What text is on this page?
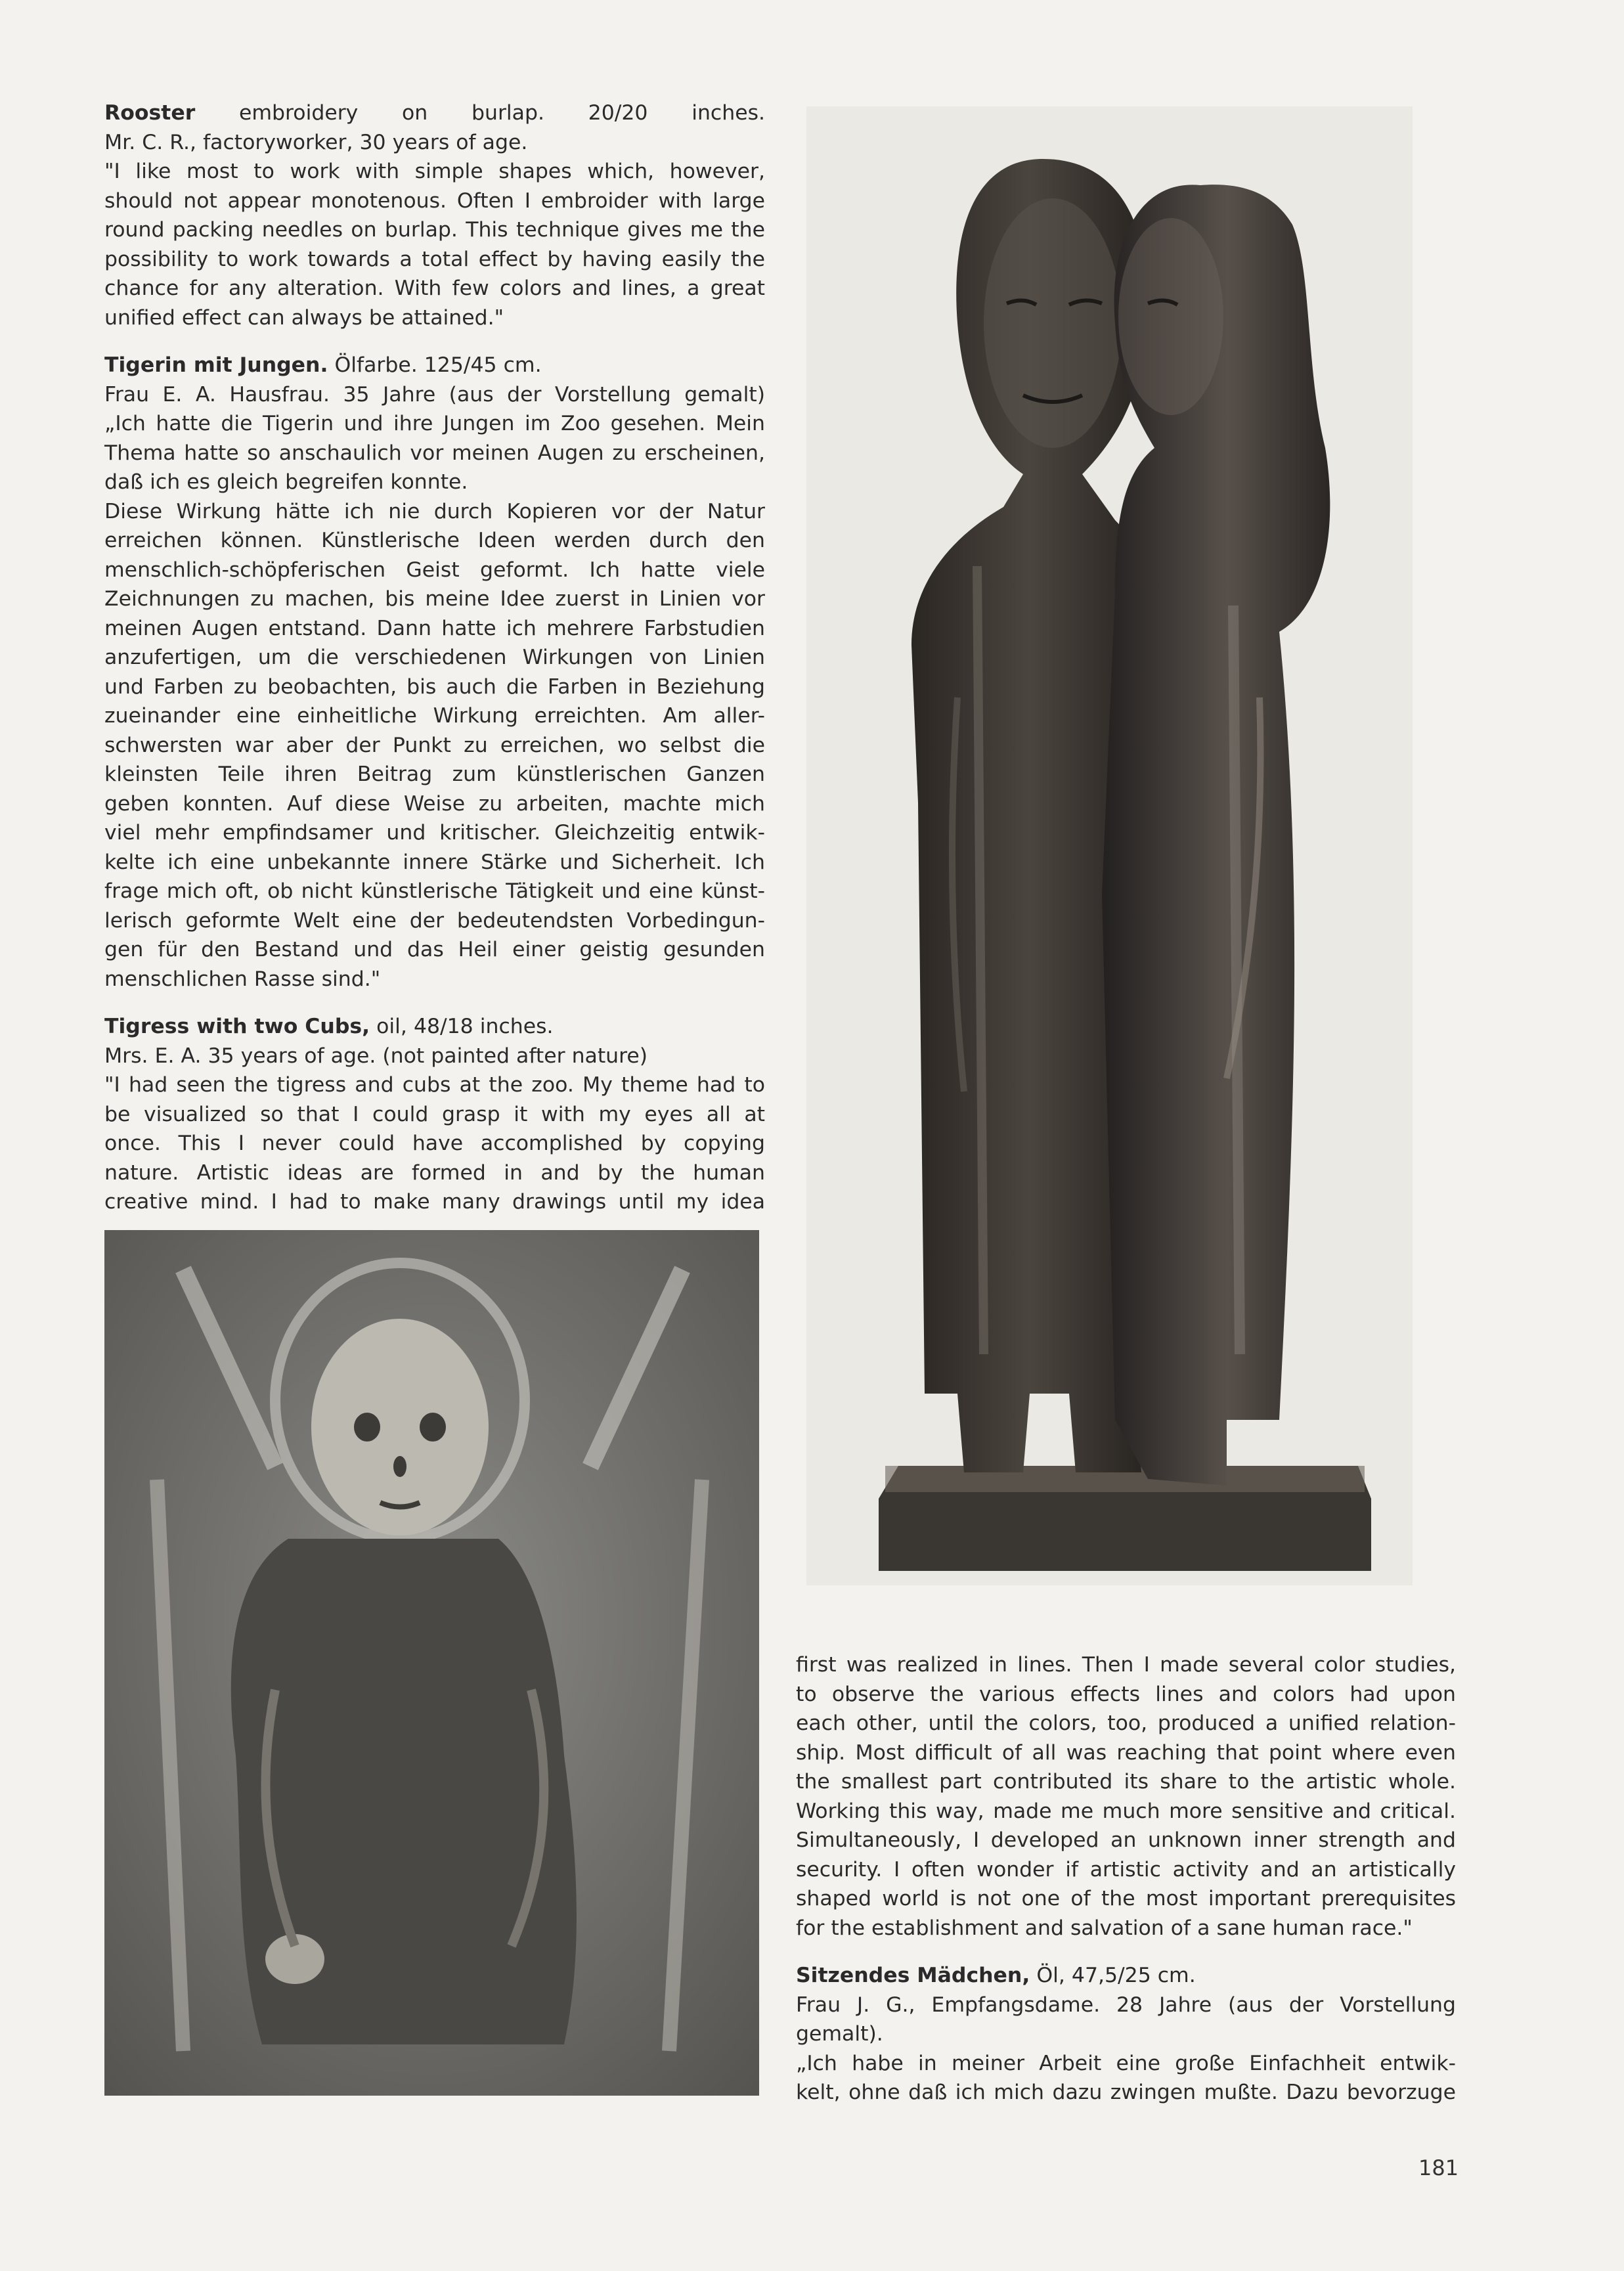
Rooster embroidery on burlap. 20/20 inches.
Mr. C. R., factoryworker, 30 years of age.
"I like most to work with simple shapes which, however,
should not appear monotenous. Often I embroider with large
round packing needles on burlap. This technique gives me the
possibility to work towards a total effect by having easily the
chance for any alteration. With few colors and lines, a great
unified effect can always be attained."
Tigerin mit Jungen. Ölfarbe. 125/45 cm.
Frau E. A. Hausfrau. 35 Jahre (aus der Vorstellung gemalt)
„Ich hatte die Tigerin und ihre Jungen im Zoo gesehen. Mein
Thema hatte so anschaulich vor meinen Augen zu erscheinen,
daß ich es gleich begreifen konnte.
Diese Wirkung hätte ich nie durch Kopieren vor der Natur
erreichen können. Künstlerische Ideen werden durch den
menschlich-schöpferischen Geist geformt. Ich hatte viele
Zeichnungen zu machen, bis meine Idee zuerst in Linien vor
meinen Augen entstand. Dann hatte ich mehrere Farbstudien
anzufertigen, um die verschiedenen Wirkungen von Linien
und Farben zu beobachten, bis auch die Farben in Beziehung
zueinander eine einheitliche Wirkung erreichten. Am aller-
schwersten war aber der Punkt zu erreichen, wo selbst die
kleinsten Teile ihren Beitrag zum künstlerischen Ganzen
geben konnten. Auf diese Weise zu arbeiten, machte mich
viel mehr empfindsamer und kritischer. Gleichzeitig entwik-
kelte ich eine unbekannte innere Stärke und Sicherheit. Ich
frage mich oft, ob nicht künstlerische Tätigkeit und eine künst-
lerisch geformte Welt eine der bedeutendsten Vorbedingun-
gen für den Bestand und das Heil einer geistig gesunden
menschlichen Rasse sind."
Tigress with two Cubs, oil, 48/18 inches.
Mrs. E. A. 35 years of age. (not painted after nature)
"I had seen the tigress and cubs at the zoo. My theme had to
be visualized so that I could grasp it with my eyes all at
once. This I never could have accomplished by copying
nature. Artistic ideas are formed in and by the human
creative mind. I had to make many drawings until my idea
first was realized in lines. Then I made several color studies,
to observe the various effects lines and colors had upon
each other, until the colors, too, produced a unified relation-
ship. Most difficult of all was reaching that point where even
the smallest part contributed its share to the artistic whole.
Working this way, made me much more sensitive and critical.
Simultaneously, I developed an unknown inner strength and
security. I often wonder if artistic activity and an artistically
shaped world is not one of the most important prerequisites
for the establishment and salvation of a sane human race."
Sitzendes Mädchen, Öl, 47,5/25 cm.
Frau J. G., Empfangsdame. 28 Jahre (aus der Vorstellung
gemalt).
„Ich habe in meiner Arbeit eine große Einfachheit entwik-
kelt, ohne daß ich mich dazu zwingen mußte. Dazu bevorzuge
181
